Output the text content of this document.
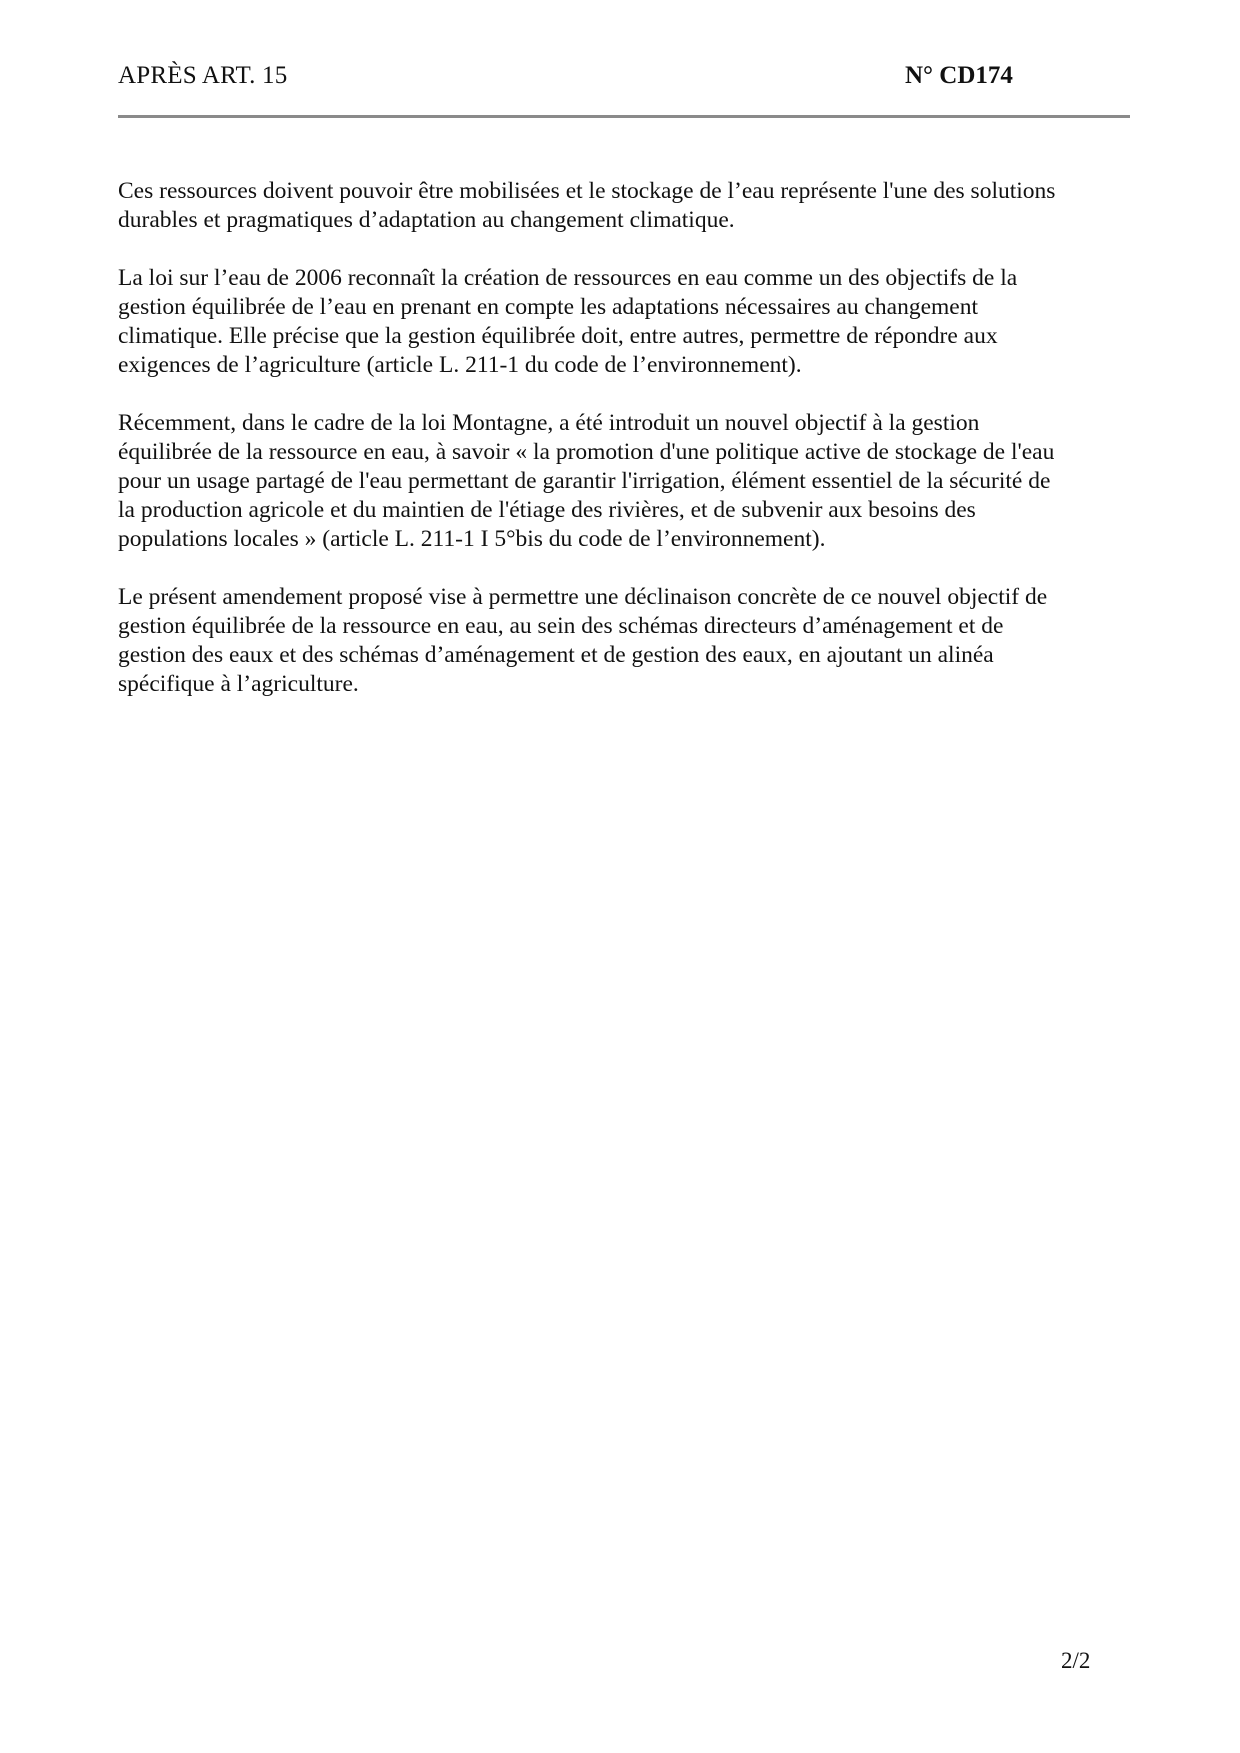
APRÈS ART. 15	N° CD174

Ces ressources doivent pouvoir être mobilisées et le stockage de l’eau représente l'une des solutions
durables et pragmatiques d’adaptation au changement climatique.

La loi sur l’eau de 2006 reconnaît la création de ressources en eau comme un des objectifs de la
gestion équilibrée de l’eau en prenant en compte les adaptations nécessaires au changement
climatique. Elle précise que la gestion équilibrée doit, entre autres, permettre de répondre aux
exigences de l’agriculture (article L. 211-1 du code de l’environnement).

Récemment, dans le cadre de la loi Montagne, a été introduit un nouvel objectif à la gestion
équilibrée de la ressource en eau, à savoir « la promotion d'une politique active de stockage de l'eau
pour un usage partagé de l'eau permettant de garantir l'irrigation, élément essentiel de la sécurité de
la production agricole et du maintien de l'étiage des rivières, et de subvenir aux besoins des
populations locales » (article L. 211-1 I 5°bis du code de l’environnement).

Le présent amendement proposé vise à permettre une déclinaison concrète de ce nouvel objectif de
gestion équilibrée de la ressource en eau, au sein des schémas directeurs d’aménagement et de
gestion des eaux et des schémas d’aménagement et de gestion des eaux, en ajoutant un alinéa
spécifique à l’agriculture.

2/2
